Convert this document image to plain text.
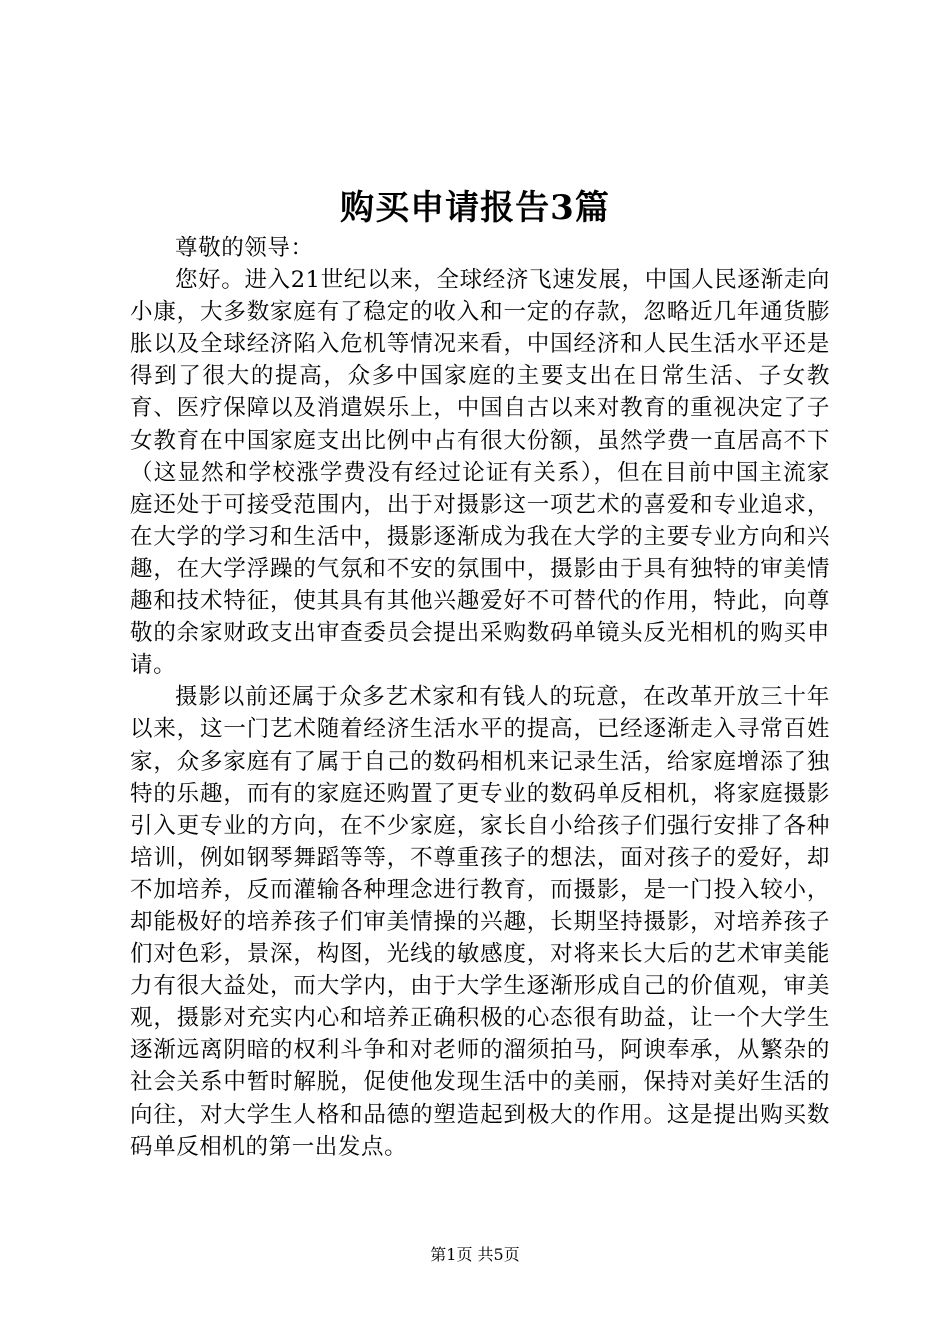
购买申请报告3篇

尊敬的领导：

您好。进入21世纪以来，全球经济飞速发展，中国人民逐渐走向小康，大多数家庭有了稳定的收入和一定的存款，忽略近几年通货膨胀以及全球经济陷入危机等情况来看，中国经济和人民生活水平还是得到了很大的提高，众多中国家庭的主要支出在日常生活、子女教育、医疗保障以及消遣娱乐上，中国自古以来对教育的重视决定了子女教育在中国家庭支出比例中占有很大份额，虽然学费一直居高不下（这显然和学校涨学费没有经过论证有关系），但在目前中国主流家庭还处于可接受范围内，出于对摄影这一项艺术的喜爱和专业追求，在大学的学习和生活中，摄影逐渐成为我在大学的主要专业方向和兴趣，在大学浮躁的气氛和不安的氛围中，摄影由于具有独特的审美情趣和技术特征，使其具有其他兴趣爱好不可替代的作用，特此，向尊敬的余家财政支出审查委员会提出采购数码单镜头反光相机的购买申请。

摄影以前还属于众多艺术家和有钱人的玩意，在改革开放三十年以来，这一门艺术随着经济生活水平的提高，已经逐渐走入寻常百姓家，众多家庭有了属于自己的数码相机来记录生活，给家庭增添了独特的乐趣，而有的家庭还购置了更专业的数码单反相机，将家庭摄影引入更专业的方向，在不少家庭，家长自小给孩子们强行安排了各种培训，例如钢琴舞蹈等等，不尊重孩子的想法，面对孩子的爱好，却不加培养，反而灌输各种理念进行教育，而摄影，是一门投入较小，却能极好的培养孩子们审美情操的兴趣，长期坚持摄影，对培养孩子们对色彩，景深，构图，光线的敏感度，对将来长大后的艺术审美能力有很大益处，而大学内，由于大学生逐渐形成自己的价值观，审美观，摄影对充实内心和培养正确积极的心态很有助益，让一个大学生逐渐远离阴暗的权利斗争和对老师的溜须拍马，阿谀奉承，从繁杂的社会关系中暂时解脱，促使他发现生活中的美丽，保持对美好生活的向往，对大学生人格和品德的塑造起到极大的作用。这是提出购买数码单反相机的第一出发点。

第1页 共5页
